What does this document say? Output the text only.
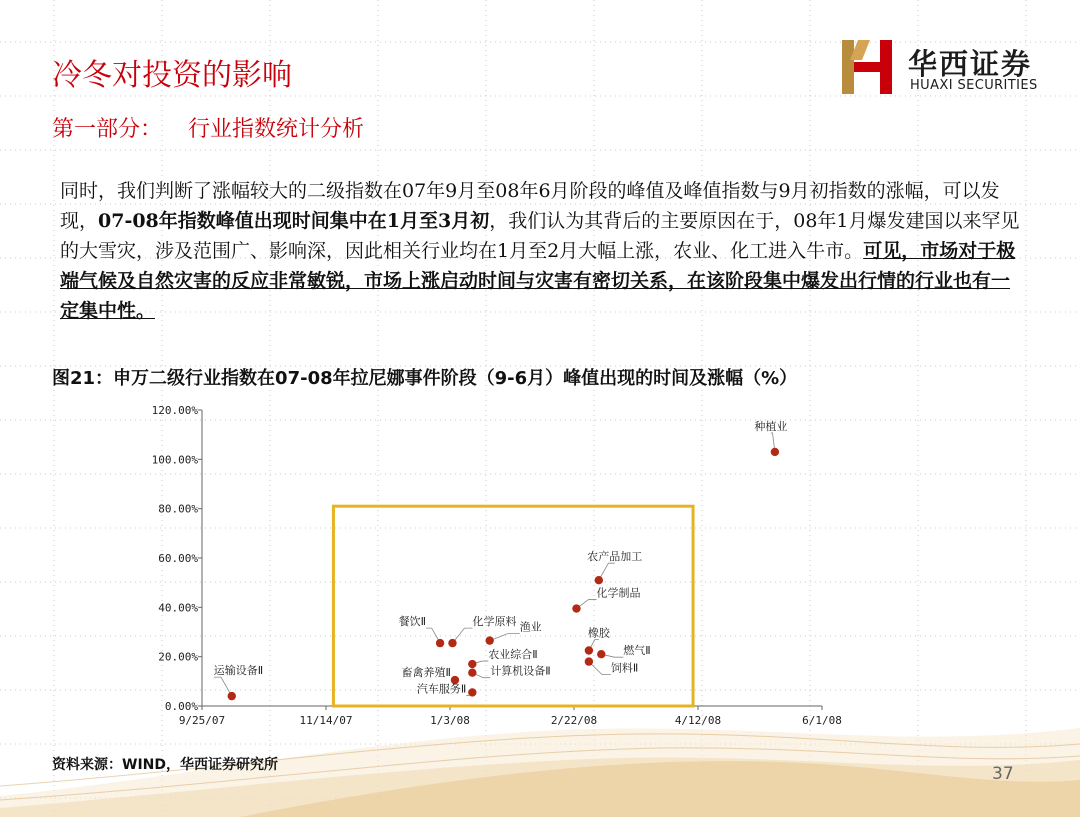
冷冬对投资的影响
第一部分： 行业指数统计分析
华西证券
HUAXI SECURITIES
同时，我们判断了涨幅较大的二级指数在07年9月至08年6月阶段的峰值及峰值指数与9月初指数的涨幅，可以发现，07-08年指数峰值出现时间集中在1月至3月初，我们认为其背后的主要原因在于，08年1月爆发建国以来罕见的大雪灾，涉及范围广、影响深，因此相关行业均在1月至2月大幅上涨，农业、化工进入牛市。可见，市场对于极端气候及自然灾害的反应非常敏锐，市场上涨启动时间与灾害有密切关系，在该阶段集中爆发出行情的行业也有一定集中性。
图21：申万二级行业指数在07-08年拉尼娜事件阶段（9-6月）峰值出现的时间及涨幅（%）
0.00%
20.00%
40.00%
60.00%
80.00%
100.00%
120.00%
9/25/07	11/14/07	1/3/08	2/22/08	4/12/08	6/1/08
运输设备Ⅱ
种植业
餐饮Ⅱ	化学原料 渔业
畜禽养殖Ⅱ
农业综合Ⅱ
计算机设备Ⅱ
汽车服务Ⅱ
农产品加工
化学制品
橡胶
燃气Ⅱ
饲料Ⅱ
资料来源：WIND，华西证券研究所	37
